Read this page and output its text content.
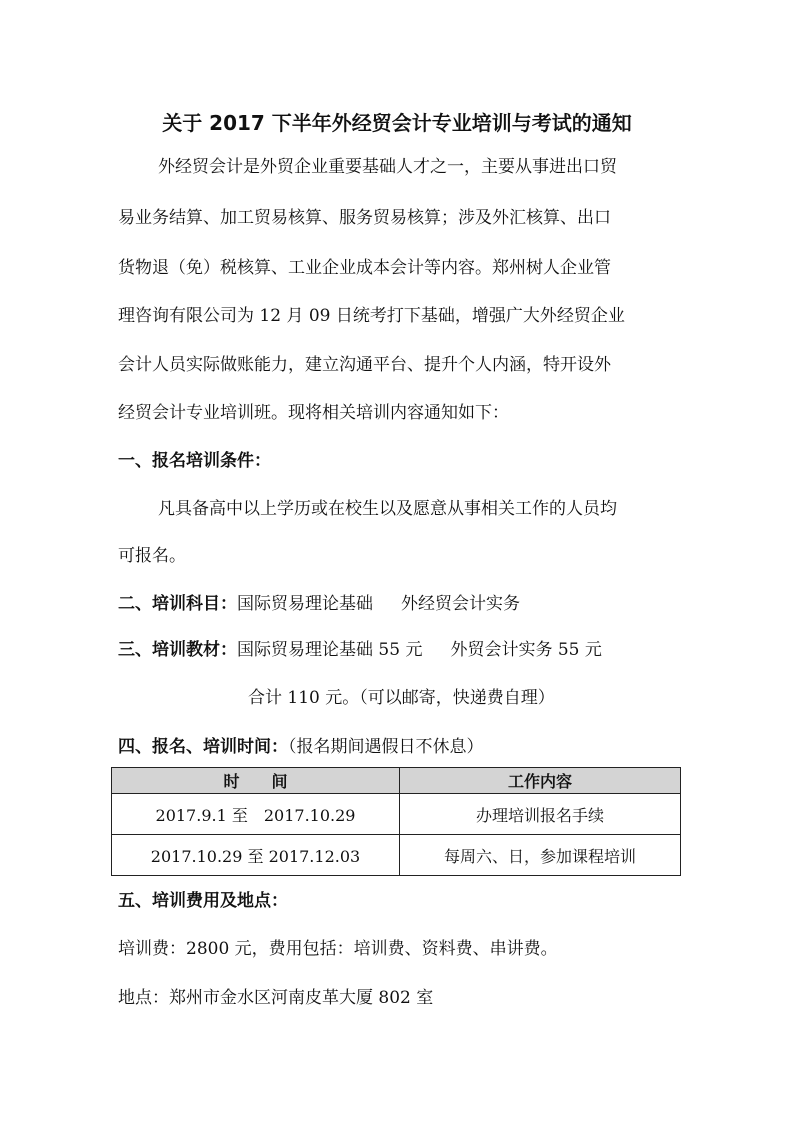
关于 2017 下半年外经贸会计专业培训与考试的通知
外经贸会计是外贸企业重要基础人才之一，主要从事进出口贸
易业务结算、加工贸易核算、服务贸易核算；涉及外汇核算、出口
货物退（免）税核算、工业企业成本会计等内容。郑州树人企业管
理咨询有限公司为 12 月 09 日统考打下基础，增强广大外经贸企业
会计人员实际做账能力，建立沟通平台、提升个人内涵，特开设外
经贸会计专业培训班。现将相关培训内容通知如下：
一、报名培训条件：
凡具备高中以上学历或在校生以及愿意从事相关工作的人员均
可报名。
二、培训科目：国际贸易理论基础 外经贸会计实务
三、培训教材：国际贸易理论基础 55 元 外贸会计实务 55 元
合计 110 元。（可以邮寄，快递费自理）
四、报名、培训时间：（报名期间遇假日不休息）
时　　间	工作内容
2017.9.1 至　2017.10.29	办理培训报名手续
2017.10.29 至 2017.12.03	每周六、日，参加课程培训
五、培训费用及地点：
培训费：2800 元，费用包括：培训费、资料费、串讲费。
地点：郑州市金水区河南皮革大厦 802 室
